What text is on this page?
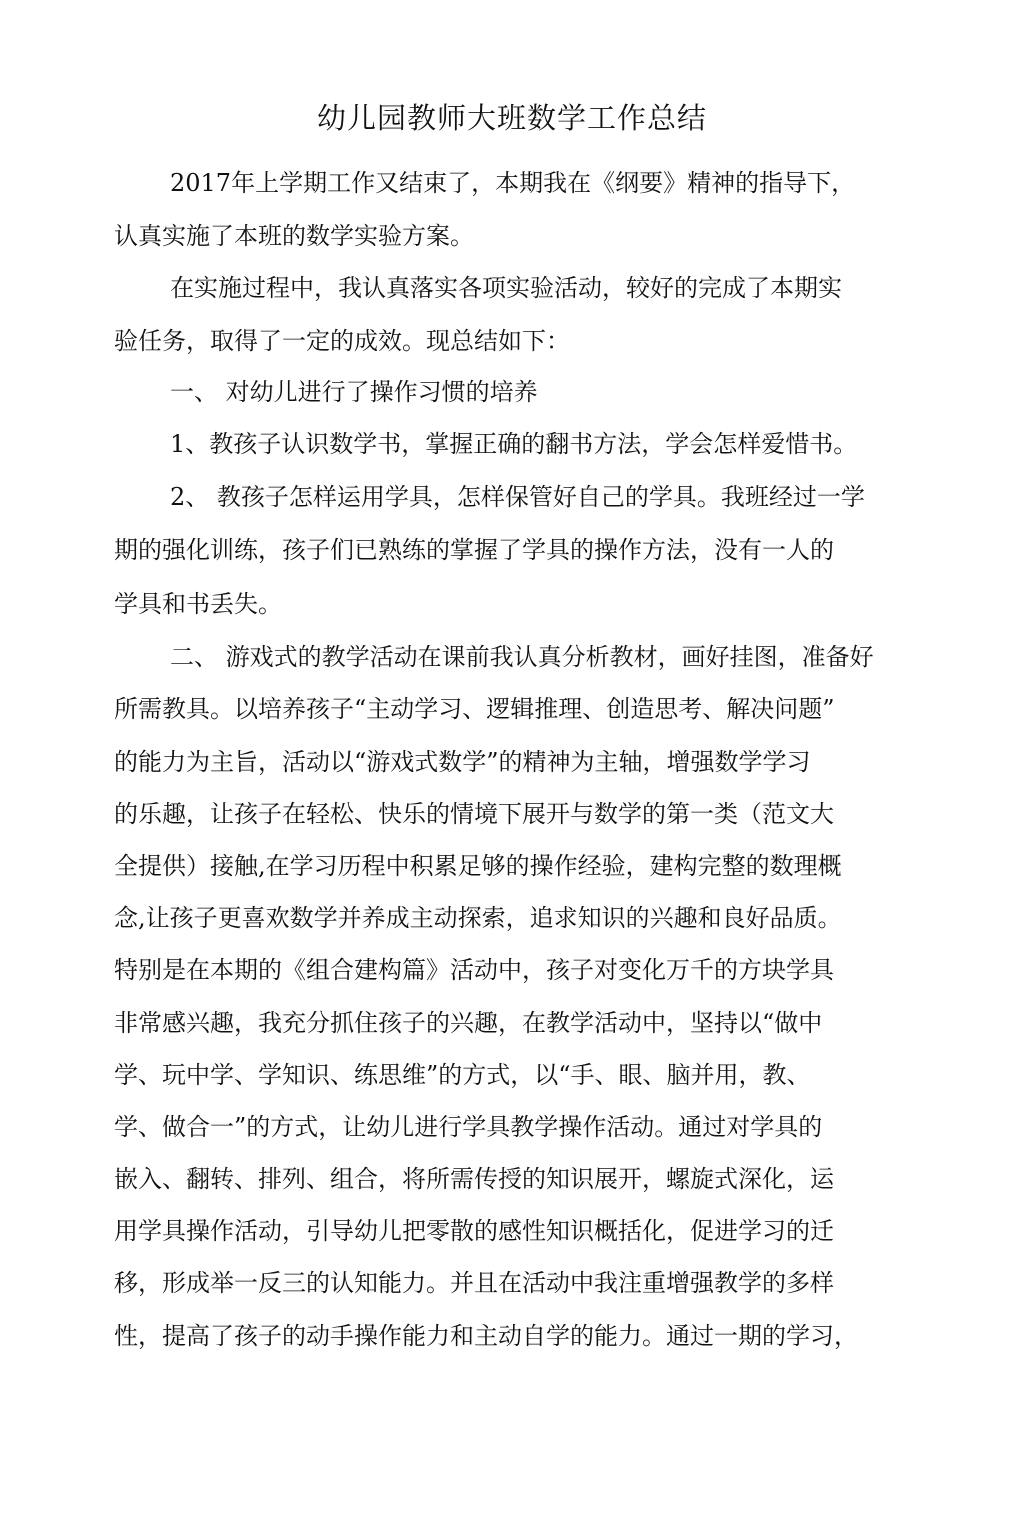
幼儿园教师大班数学工作总结

2017年上学期工作又结束了，本期我在《纲要》精神的指导下，

认真实施了本班的数学实验方案。

在实施过程中，我认真落实各项实验活动，较好的完成了本期实

验任务，取得了一定的成效。现总结如下：

一、 对幼儿进行了操作习惯的培养

1、教孩子认识数学书，掌握正确的翻书方法，学会怎样爱惜书。

2、 教孩子怎样运用学具，怎样保管好自己的学具。我班经过一学

期的强化训练，孩子们已熟练的掌握了学具的操作方法，没有一人的

学具和书丢失。

二、 游戏式的教学活动在课前我认真分析教材，画好挂图，准备好

所需教具。以培养孩子“主动学习、逻辑推理、创造思考、解决问题”

的能力为主旨，活动以“游戏式数学”的精神为主轴，增强数学学习

的乐趣，让孩子在轻松、快乐的情境下展开与数学的第一类（范文大

全提供）接触,在学习历程中积累足够的操作经验，建构完整的数理概

念,让孩子更喜欢数学并养成主动探索，追求知识的兴趣和良好品质。

特别是在本期的《组合建构篇》活动中，孩子对变化万千的方块学具

非常感兴趣，我充分抓住孩子的兴趣，在教学活动中，坚持以“做中

学、玩中学、学知识、练思维”的方式，以“手、眼、脑并用，教、

学、做合一”的方式，让幼儿进行学具教学操作活动。通过对学具的

嵌入、翻转、排列、组合，将所需传授的知识展开，螺旋式深化，运

用学具操作活动，引导幼儿把零散的感性知识概括化，促进学习的迁

移，形成举一反三的认知能力。并且在活动中我注重增强教学的多样

性，提高了孩子的动手操作能力和主动自学的能力。通过一期的学习，
